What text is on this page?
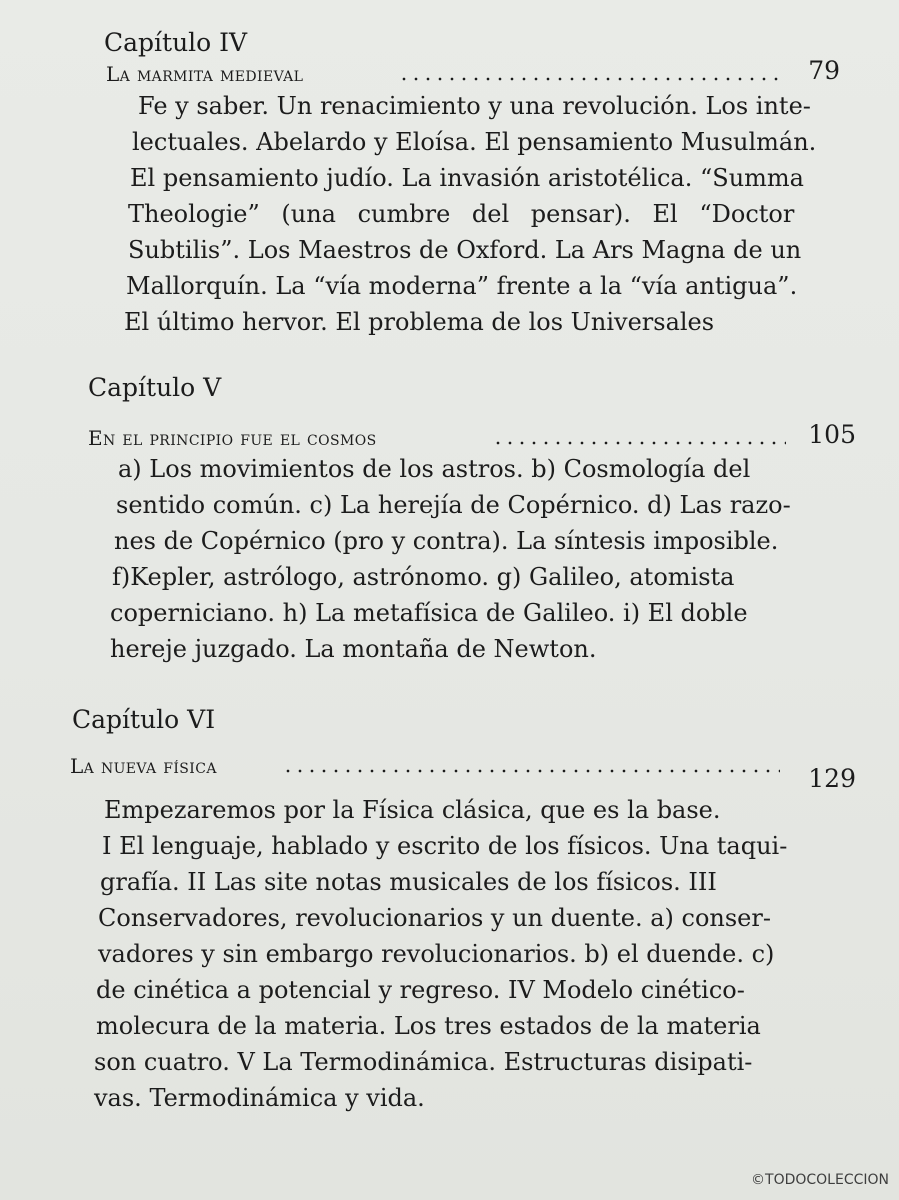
Capítulo IV
La marmita medieval	79
Fe y saber. Un renacimiento y una revolución. Los inte-
lectuales. Abelardo y Eloísa. El pensamiento Musulmán.
El pensamiento judío. La invasión aristotélica. “Summa
Theologie” (una cumbre del pensar). El “Doctor
Subtilis”. Los Maestros de Oxford. La Ars Magna de un
Mallorquín. La “vía moderna” frente a la “vía antigua”.
El último hervor. El problema de los Universales
Capítulo V
En el principio fue el cosmos	105
a) Los movimientos de los astros. b) Cosmología del
sentido común. c) La herejía de Copérnico. d) Las razo-
nes de Copérnico (pro y contra). La síntesis imposible.
f)Kepler, astrólogo, astrónomo. g) Galileo, atomista
copernicianо. h) La metafísica de Galileo. i) El doble
hereje juzgado. La montaña de Newton.
Capítulo VI
La nueva física	129
Empezaremos por la Física clásica, que es la base.
I El lenguaje, hablado y escrito de los físicos. Una taqui-
grafía. II Las site notas musicales de los físicos. III
Conservadores, revolucionarios y un duente. a) conser-
vadores y sin embargo revolucionarios. b) el duende. c)
de cinética a potencial y regreso. IV Modelo cinético-
molecura de la materia. Los tres estados de la materia
son cuatro. V La Termodinámica. Estructuras disipati-
vas. Termodinámica y vida.
©TODOCOLECCION
